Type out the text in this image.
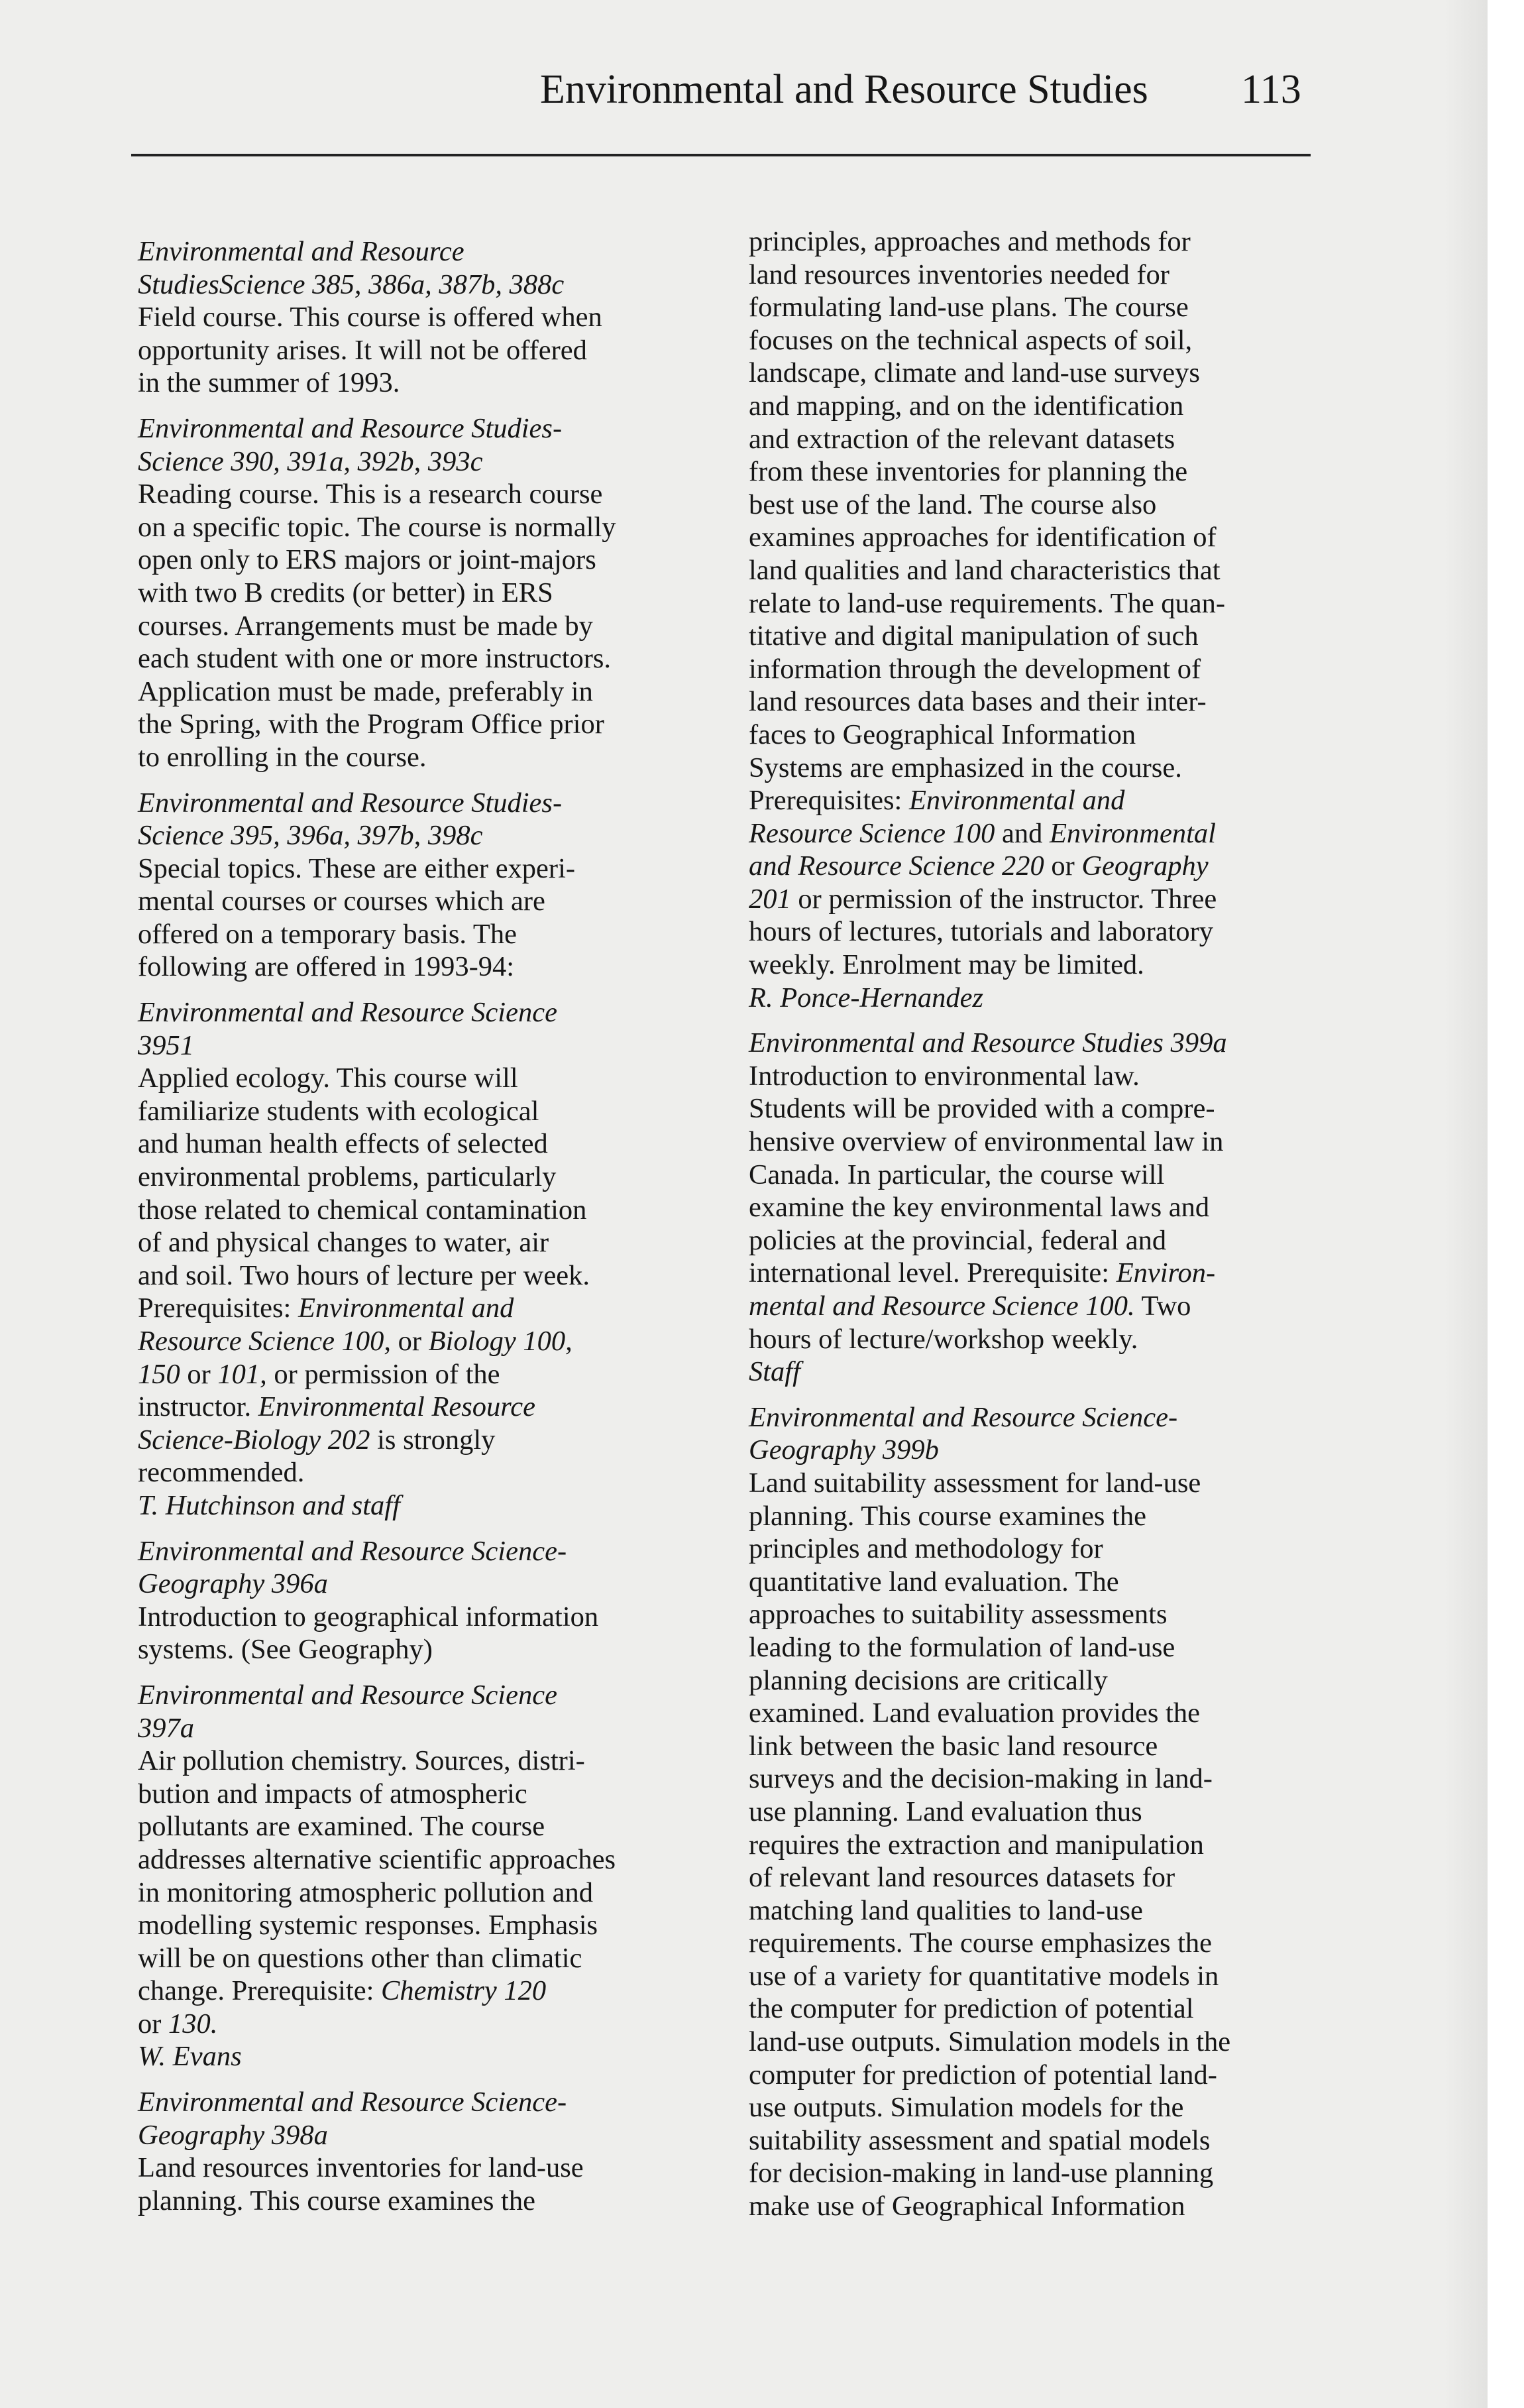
Environmental and Resource Studies 113
Environmental and Resource
StudiesScience 385, 386a, 387b, 388c
Field course. This course is offered when
opportunity arises. It will not be offered
in the summer of 1993.
Environmental and Resource Studies-
Science 390, 391a, 392b, 393c
Reading course. This is a research course
on a specific topic. The course is normally
open only to ERS majors or joint-majors
with two B credits (or better) in ERS
courses. Arrangements must be made by
each student with one or more instructors.
Application must be made, preferably in
the Spring, with the Program Office prior
to enrolling in the course.
Environmental and Resource Studies-
Science 395, 396a, 397b, 398c
Special topics. These are either experi-
mental courses or courses which are
offered on a temporary basis. The
following are offered in 1993-94:
Environmental and Resource Science
3951
Applied ecology. This course will
familiarize students with ecological
and human health effects of selected
environmental problems, particularly
those related to chemical contamination
of and physical changes to water, air
and soil. Two hours of lecture per week.
Prerequisites: Environmental and
Resource Science 100, or Biology 100,
150 or 101, or permission of the
instructor. Environmental Resource
Science-Biology 202 is strongly
recommended.
T. Hutchinson and staff
Environmental and Resource Science-
Geography 396a
Introduction to geographical information
systems. (See Geography)
Environmental and Resource Science
397a
Air pollution chemistry. Sources, distri-
bution and impacts of atmospheric
pollutants are examined. The course
addresses alternative scientific approaches
in monitoring atmospheric pollution and
modelling systemic responses. Emphasis
will be on questions other than climatic
change. Prerequisite: Chemistry 120
or 130.
W. Evans
Environmental and Resource Science-
Geography 398a
Land resources inventories for land-use
planning. This course examines the
principles, approaches and methods for
land resources inventories needed for
formulating land-use plans. The course
focuses on the technical aspects of soil,
landscape, climate and land-use surveys
and mapping, and on the identification
and extraction of the relevant datasets
from these inventories for planning the
best use of the land. The course also
examines approaches for identification of
land qualities and land characteristics that
relate to land-use requirements. The quan-
titative and digital manipulation of such
information through the development of
land resources data bases and their inter-
faces to Geographical Information
Systems are emphasized in the course.
Prerequisites: Environmental and
Resource Science 100 and Environmental
and Resource Science 220 or Geography
201 or permission of the instructor. Three
hours of lectures, tutorials and laboratory
weekly. Enrolment may be limited.
R. Ponce-Hernandez
Environmental and Resource Studies 399a
Introduction to environmental law.
Students will be provided with a compre-
hensive overview of environmental law in
Canada. In particular, the course will
examine the key environmental laws and
policies at the provincial, federal and
international level. Prerequisite: Environ-
mental and Resource Science 100. Two
hours of lecture/workshop weekly.
Staff
Environmental and Resource Science-
Geography 399b
Land suitability assessment for land-use
planning. This course examines the
principles and methodology for
quantitative land evaluation. The
approaches to suitability assessments
leading to the formulation of land-use
planning decisions are critically
examined. Land evaluation provides the
link between the basic land resource
surveys and the decision-making in land-
use planning. Land evaluation thus
requires the extraction and manipulation
of relevant land resources datasets for
matching land qualities to land-use
requirements. The course emphasizes the
use of a variety for quantitative models in
the computer for prediction of potential
land-use outputs. Simulation models in the
computer for prediction of potential land-
use outputs. Simulation models for the
suitability assessment and spatial models
for decision-making in land-use planning
make use of Geographical Information
